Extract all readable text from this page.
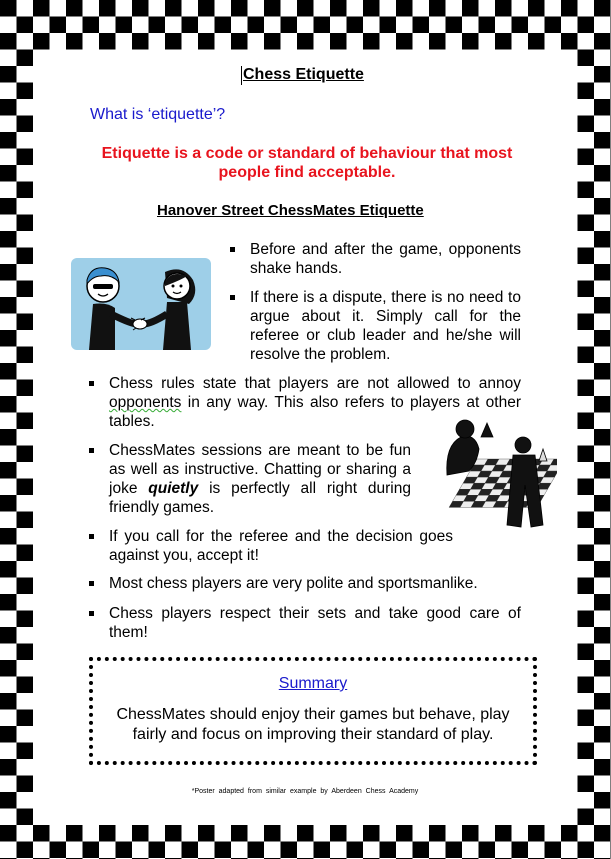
Chess Etiquette
What is ‘etiquette’?
Etiquette is a code or standard of behaviour that most people find acceptable.
Hanover Street ChessMates Etiquette
Before and after the game, opponents shake hands.
If there is a dispute, there is no need to argue about it. Simply call for the referee or club leader and he/she will resolve the problem.
Chess rules state that players are not allowed to annoy opponents in any way. This also refers to players at other tables.
ChessMates sessions are meant to be fun as well as instructive. Chatting or sharing a joke quietly is perfectly all right during friendly games.
If you call for the referee and the decision goes against you, accept it!
Most chess players are very polite and sportsmanlike.
Chess players respect their sets and take good care of them!
Summary
ChessMates should enjoy their games but behave, play fairly and focus on improving their standard of play.
*Poster adapted from similar example by Aberdeen Chess Academy
